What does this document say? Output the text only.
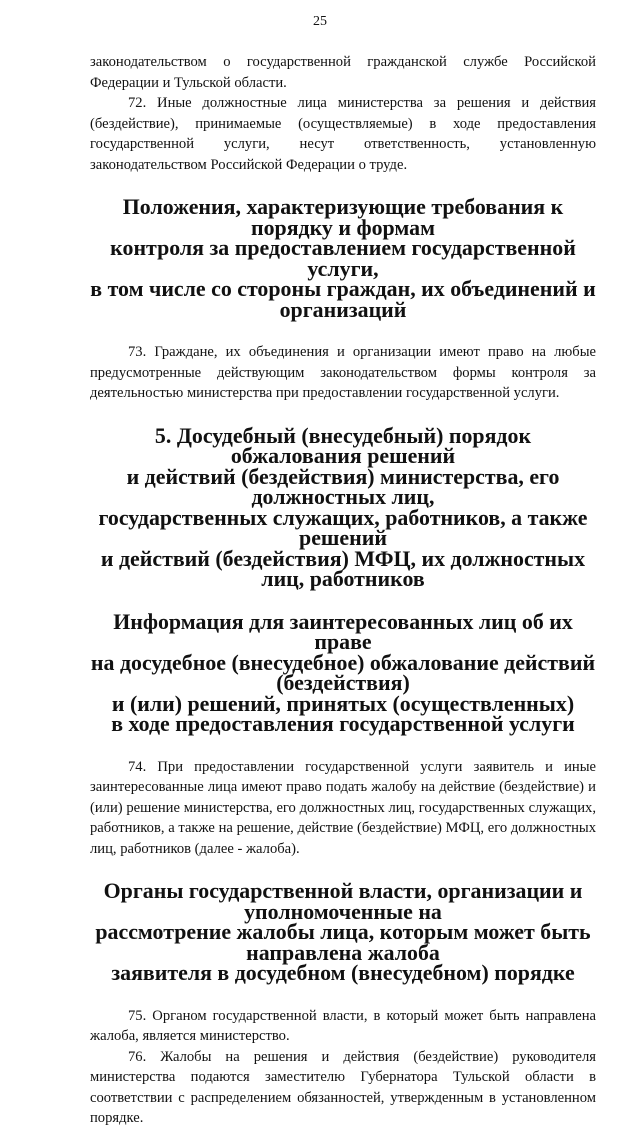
25

законодательством о государственной гражданской службе Российской Федерации и Тульской области.

72. Иные должностные лица министерства за решения и действия (бездействие), принимаемые (осуществляемые) в ходе предоставления государственной услуги, несут ответственность, установленную законодательством Российской Федерации о труде.

Положения, характеризующие требования к порядку и формам
контроля за предоставлением государственной услуги,
в том числе со стороны граждан, их объединений и организаций

73. Граждане, их объединения и организации имеют право на любые предусмотренные действующим законодательством формы контроля за деятельностью министерства при предоставлении государственной услуги.

5. Досудебный (внесудебный) порядок обжалования решений
и действий (бездействия) министерства, его должностных лиц,
государственных служащих, работников, а также решений
и действий (бездействия) МФЦ, их должностных лиц, работников
Информация для заинтересованных лиц об их праве
на досудебное (внесудебное) обжалование действий (бездействия)
и (или) решений, принятых (осуществленных)
в ходе предоставления государственной услуги

74. При предоставлении государственной услуги заявитель и иные заинтересованные лица имеют право подать жалобу на действие (бездействие) и (или) решение министерства, его должностных лиц, государственных служащих, работников, а также на решение, действие (бездействие) МФЦ, его должностных лиц, работников (далее - жалоба).

Органы государственной власти, организации и уполномоченные на
рассмотрение жалобы лица, которым может быть направлена жалоба
заявителя в досудебном (внесудебном) порядке

75. Органом государственной власти, в который может быть направлена жалоба, является министерство.

76. Жалобы на решения и действия (бездействие) руководителя министерства подаются заместителю Губернатора Тульской области в соответствии с распределением обязанностей, утвержденным в установленном порядке.
